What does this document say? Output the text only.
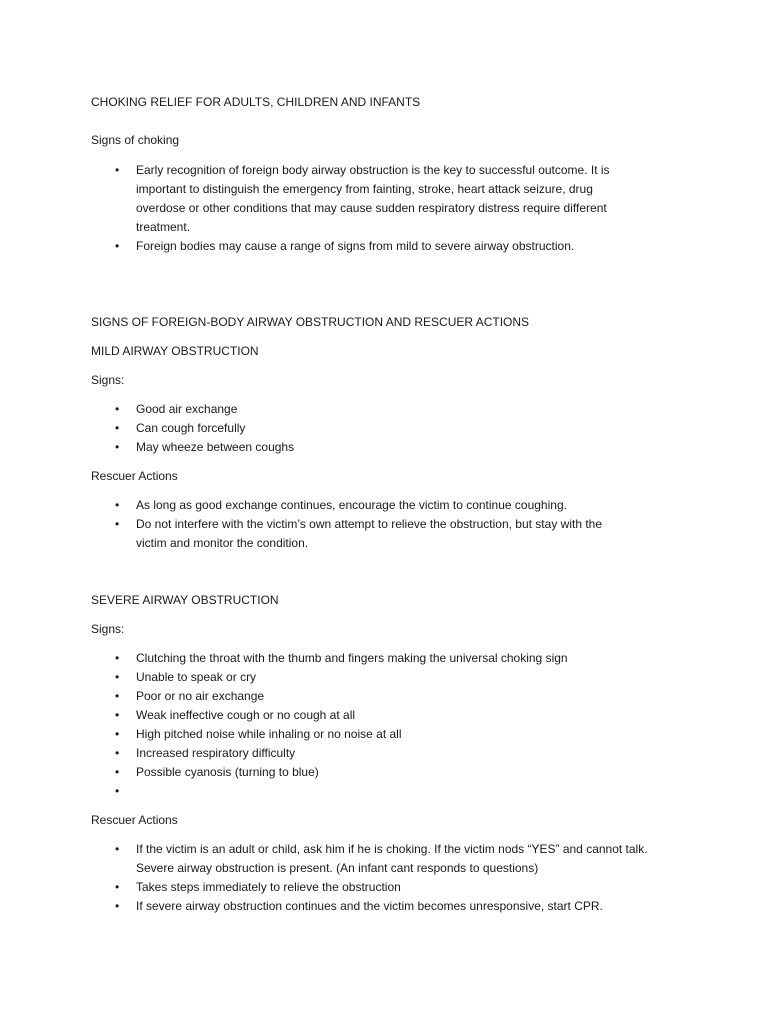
CHOKING RELIEF FOR ADULTS, CHILDREN AND INFANTS

Signs of choking

• Early recognition of foreign body airway obstruction is the key to successful outcome. It is
important to distinguish the emergency from fainting, stroke, heart attack seizure, drug
overdose or other conditions that may cause sudden respiratory distress require different
treatment.
• Foreign bodies may cause a range of signs from mild to severe airway obstruction.

SIGNS OF FOREIGN-BODY AIRWAY OBSTRUCTION AND RESCUER ACTIONS

MILD AIRWAY OBSTRUCTION

Signs:

• Good air exchange
• Can cough forcefully
• May wheeze between coughs

Rescuer Actions

• As long as good exchange continues, encourage the victim to continue coughing.
• Do not interfere with the victim’s own attempt to relieve the obstruction, but stay with the
victim and monitor the condition.

SEVERE AIRWAY OBSTRUCTION

Signs:

• Clutching the throat with the thumb and fingers making the universal choking sign
• Unable to speak or cry
• Poor or no air exchange
• Weak ineffective cough or no cough at all
• High pitched noise while inhaling or no noise at all
• Increased respiratory difficulty
• Possible cyanosis (turning to blue)
•

Rescuer Actions

• If the victim is an adult or child, ask him if he is choking. If the victim nods “YES” and cannot talk.
Severe airway obstruction is present. (An infant cant responds to questions)
• Takes steps immediately to relieve the obstruction
• If severe airway obstruction continues and the victim becomes unresponsive, start CPR.
